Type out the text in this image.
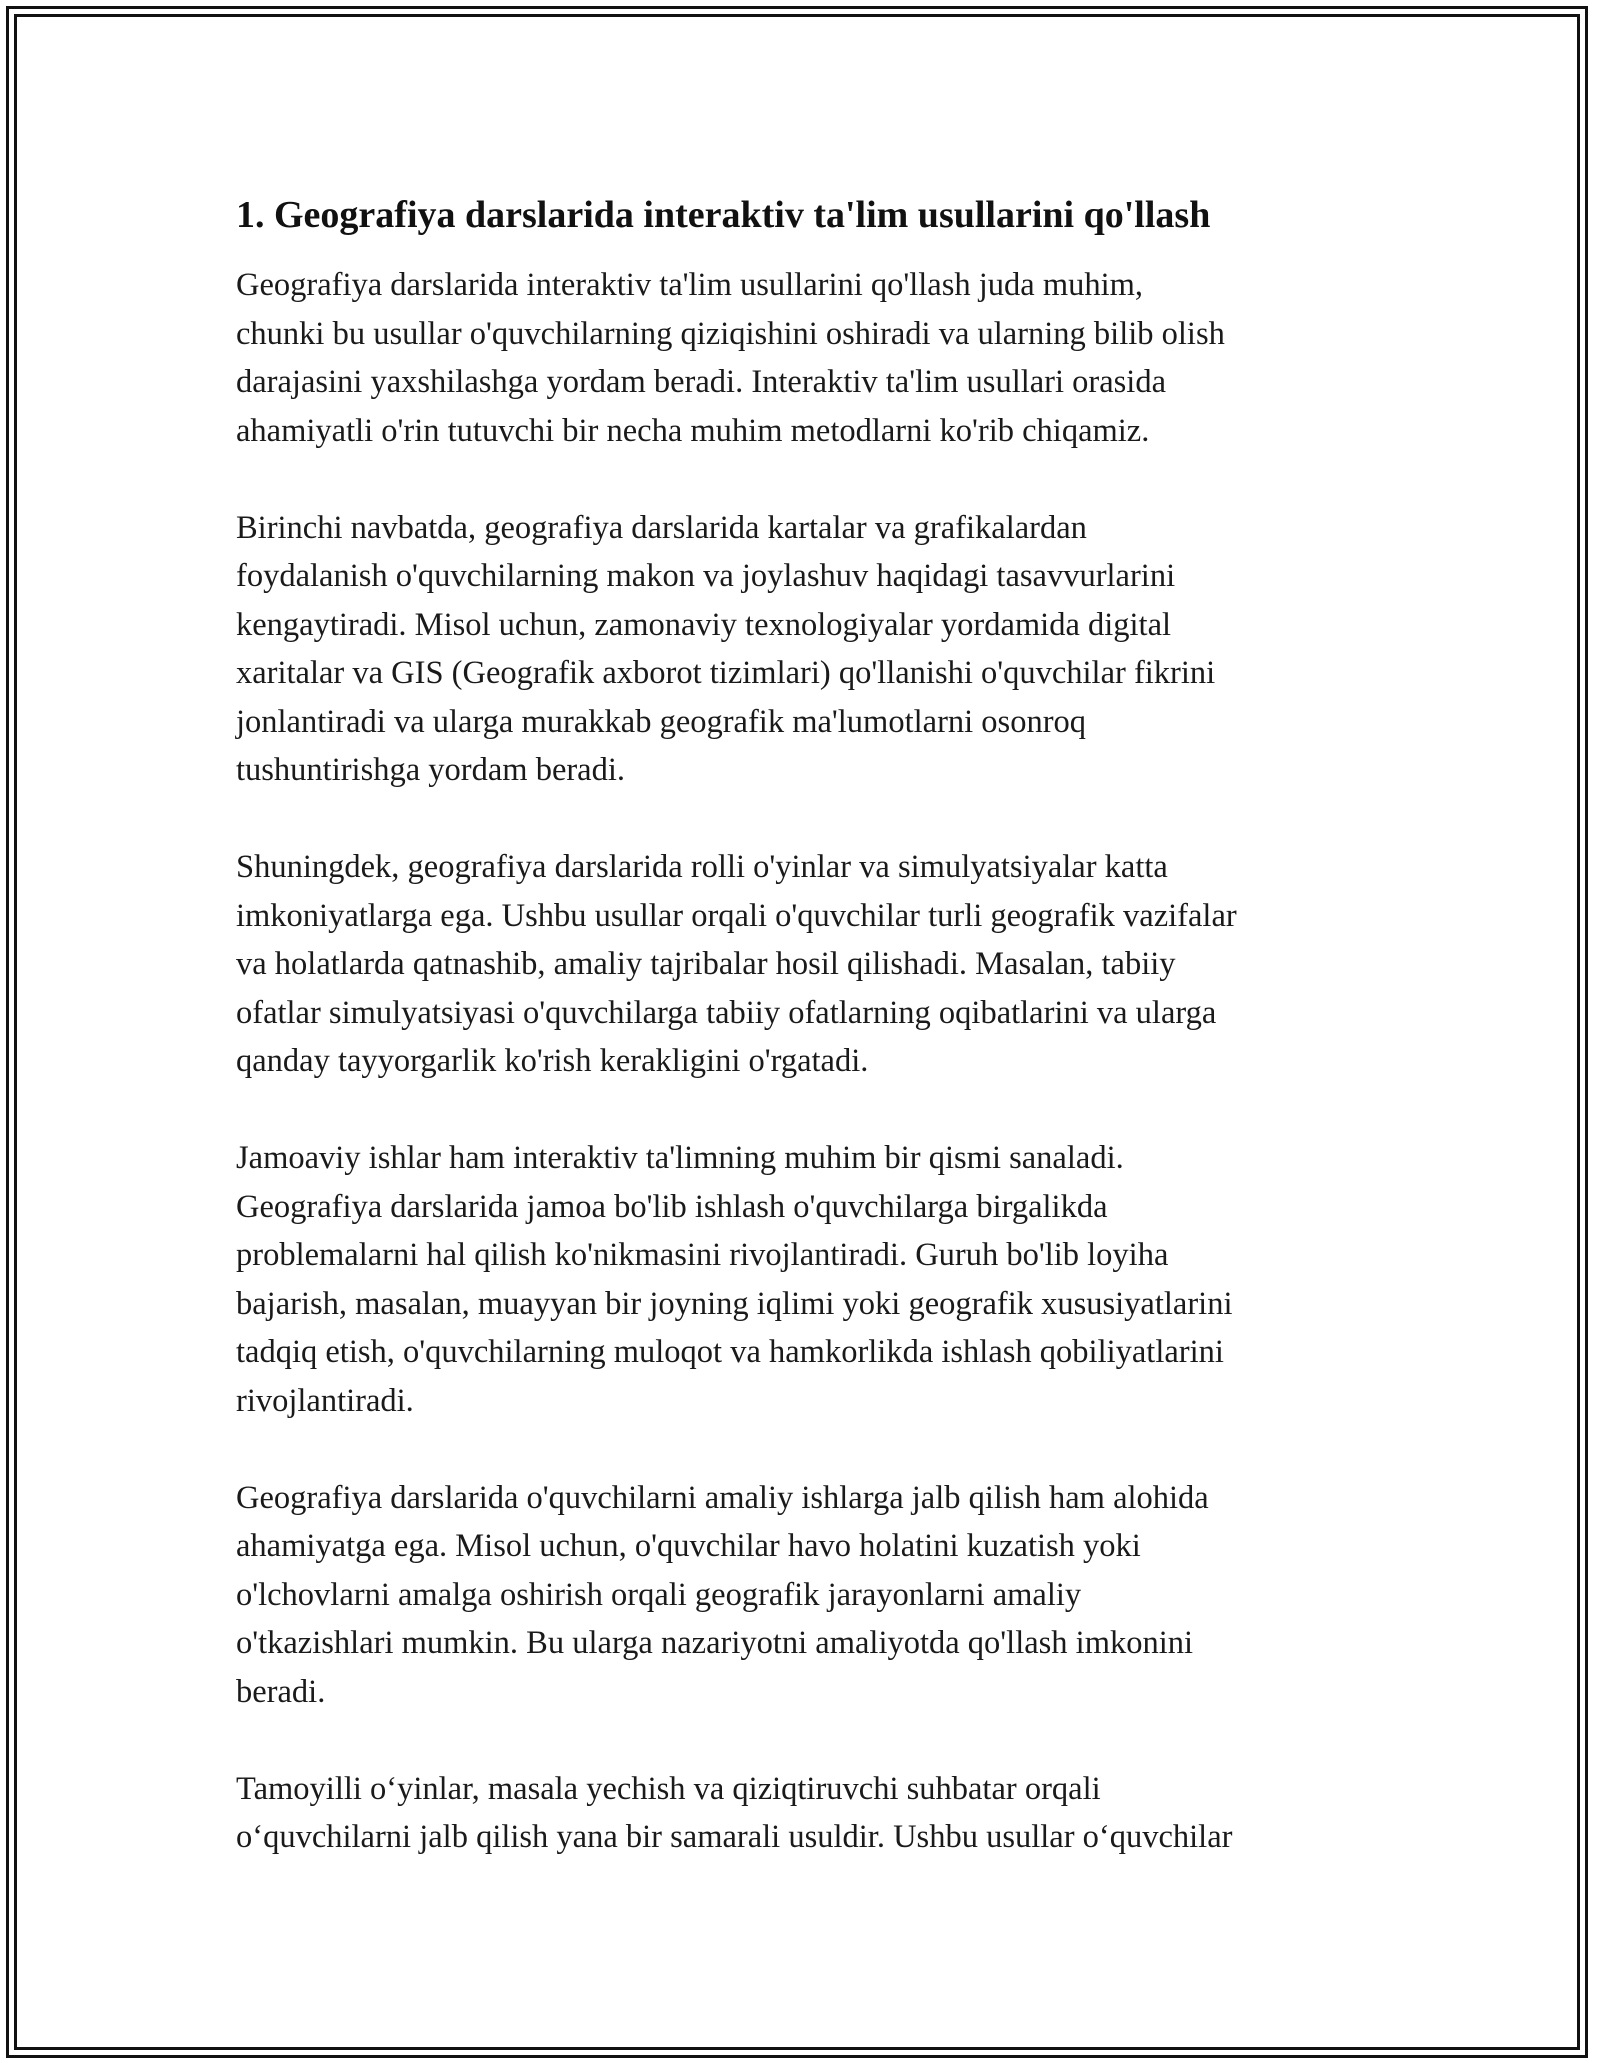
1. Geografiya darslarida interaktiv ta'lim usullarini qo'llash

Geografiya darslarida interaktiv ta'lim usullarini qo'llash juda muhim,
chunki bu usullar o'quvchilarning qiziqishini oshiradi va ularning bilib olish
darajasini yaxshilashga yordam beradi. Interaktiv ta'lim usullari orasida
ahamiyatli o'rin tutuvchi bir necha muhim metodlarni ko'rib chiqamiz.

Birinchi navbatda, geografiya darslarida kartalar va grafikalardan
foydalanish o'quvchilarning makon va joylashuv haqidagi tasavvurlarini
kengaytiradi. Misol uchun, zamonaviy texnologiyalar yordamida digital
xaritalar va GIS (Geografik axborot tizimlari) qo'llanishi o'quvchilar fikrini
jonlantiradi va ularga murakkab geografik ma'lumotlarni osonroq
tushuntirishga yordam beradi.

Shuningdek, geografiya darslarida rolli o'yinlar va simulyatsiyalar katta
imkoniyatlarga ega. Ushbu usullar orqali o'quvchilar turli geografik vazifalar
va holatlarda qatnashib, amaliy tajribalar hosil qilishadi. Masalan, tabiiy
ofatlar simulyatsiyasi o'quvchilarga tabiiy ofatlarning oqibatlarini va ularga
qanday tayyorgarlik ko'rish kerakligini o'rgatadi.

Jamoaviy ishlar ham interaktiv ta'limning muhim bir qismi sanaladi.
Geografiya darslarida jamoa bo'lib ishlash o'quvchilarga birgalikda
problemalarni hal qilish ko'nikmasini rivojlantiradi. Guruh bo'lib loyiha
bajarish, masalan, muayyan bir joyning iqlimi yoki geografik xususiyatlarini
tadqiq etish, o'quvchilarning muloqot va hamkorlikda ishlash qobiliyatlarini
rivojlantiradi.

Geografiya darslarida o'quvchilarni amaliy ishlarga jalb qilish ham alohida
ahamiyatga ega. Misol uchun, o'quvchilar havo holatini kuzatish yoki
o'lchovlarni amalga oshirish orqali geografik jarayonlarni amaliy
o'tkazishlari mumkin. Bu ularga nazariyotni amaliyotda qo'llash imkonini
beradi.

Tamoyilli oʻyinlar, masala yechish va qiziqtiruvchi suhbatar orqali
oʻquvchilarni jalb qilish yana bir samarali usuldir. Ushbu usullar oʻquvchilar
